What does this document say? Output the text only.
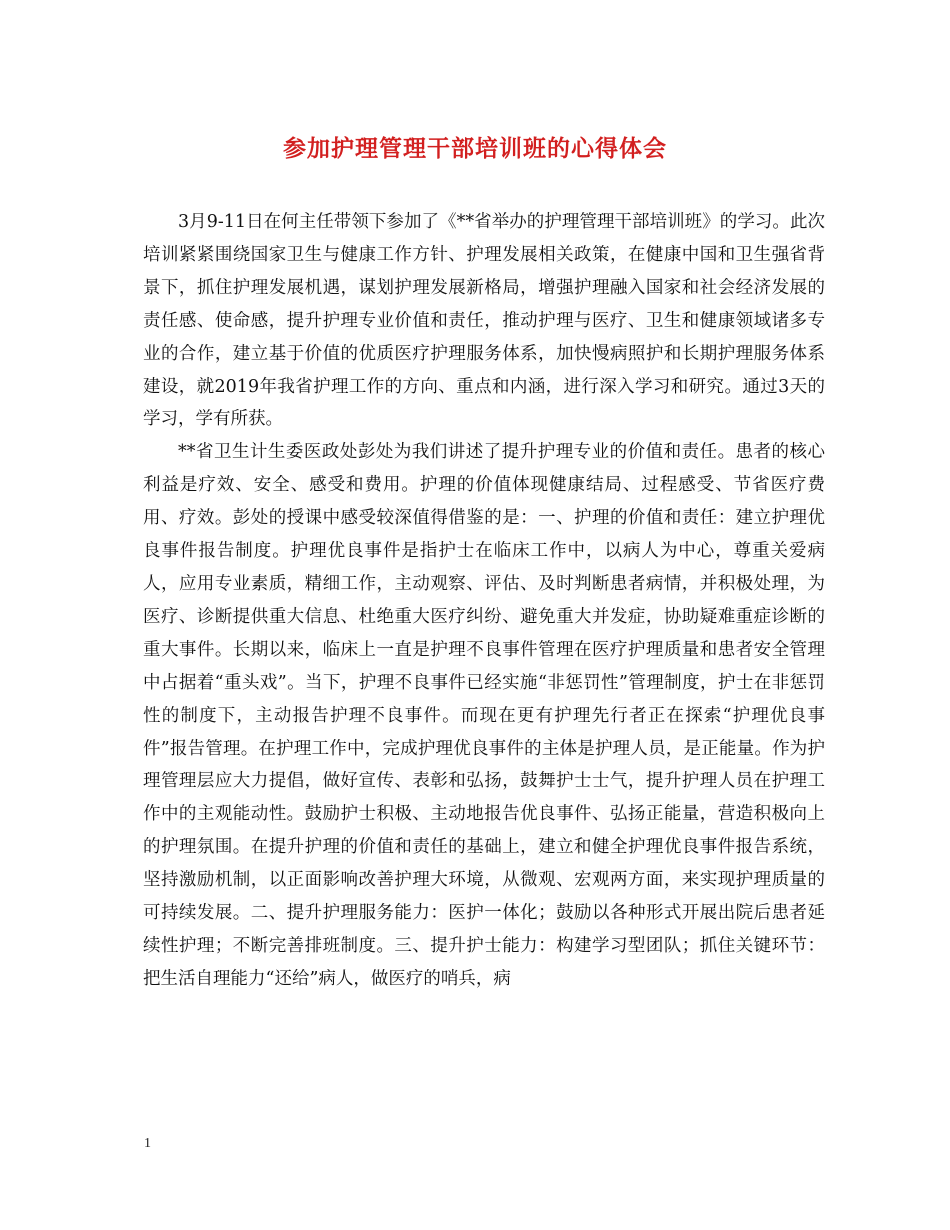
参加护理管理干部培训班的心得体会

3月9-11日在何主任带领下参加了《**省举办的护理管理干部培训班》的学习。此次培训紧紧围绕国家卫生与健康工作方针、护理发展相关政策，在健康中国和卫生强省背景下，抓住护理发展机遇，谋划护理发展新格局，增强护理融入国家和社会经济发展的责任感、使命感，提升护理专业价值和责任，推动护理与医疗、卫生和健康领域诸多专业的合作，建立基于价值的优质医疗护理服务体系，加快慢病照护和长期护理服务体系建设，就2019年我省护理工作的方向、重点和内涵，进行深入学习和研究。通过3天的学习，学有所获。

**省卫生计生委医政处彭处为我们讲述了提升护理专业的价值和责任。患者的核心利益是疗效、安全、感受和费用。护理的价值体现健康结局、过程感受、节省医疗费用、疗效。彭处的授课中感受较深值得借鉴的是：一、护理的价值和责任：建立护理优良事件报告制度。护理优良事件是指护士在临床工作中，以病人为中心，尊重关爱病人，应用专业素质，精细工作，主动观察、评估、及时判断患者病情，并积极处理，为医疗、诊断提供重大信息、杜绝重大医疗纠纷、避免重大并发症，协助疑难重症诊断的重大事件。长期以来，临床上一直是护理不良事件管理在医疗护理质量和患者安全管理中占据着“重头戏”。当下，护理不良事件已经实施“非惩罚性”管理制度，护士在非惩罚性的制度下，主动报告护理不良事件。而现在更有护理先行者正在探索“护理优良事件”报告管理。在护理工作中，完成护理优良事件的主体是护理人员，是正能量。作为护理管理层应大力提倡，做好宣传、表彰和弘扬，鼓舞护士士气，提升护理人员在护理工作中的主观能动性。鼓励护士积极、主动地报告优良事件、弘扬正能量，营造积极向上的护理氛围。在提升护理的价值和责任的基础上，建立和健全护理优良事件报告系统，坚持激励机制，以正面影响改善护理大环境，从微观、宏观两方面，来实现护理质量的可持续发展。二、提升护理服务能力：医护一体化；鼓励以各种形式开展出院后患者延续性护理；不断完善排班制度。三、提升护士能力：构建学习型团队；抓住关键环节：把生活自理能力“还给”病人，做医疗的哨兵，病

1
